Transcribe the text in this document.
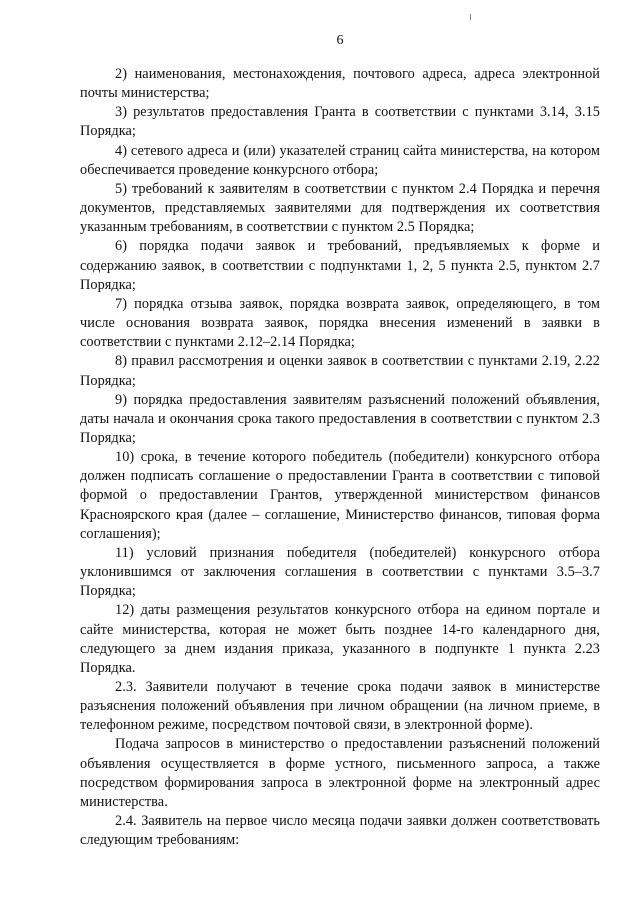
6

2) наименования, местонахождения, почтового адреса, адреса электронной почты министерства;

3) результатов предоставления Гранта в соответствии с пунктами 3.14, 3.15 Порядка;

4) сетевого адреса и (или) указателей страниц сайта министерства, на котором обеспечивается проведение конкурсного отбора;

5) требований к заявителям в соответствии с пунктом 2.4 Порядка и перечня документов, представляемых заявителями для подтверждения их соответствия указанным требованиям, в соответствии с пунктом 2.5 Порядка;

6) порядка подачи заявок и требований, предъявляемых к форме и содержанию заявок, в соответствии с подпунктами 1, 2, 5 пункта 2.5, пунктом 2.7 Порядка;

7) порядка отзыва заявок, порядка возврата заявок, определяющего, в том числе основания возврата заявок, порядка внесения изменений в заявки в соответствии с пунктами 2.12–2.14 Порядка;

8) правил рассмотрения и оценки заявок в соответствии с пунктами 2.19, 2.22 Порядка;

9) порядка предоставления заявителям разъяснений положений объявления, даты начала и окончания срока такого предоставления в соответствии с пунктом 2.3 Порядка;

10) срока, в течение которого победитель (победители) конкурсного отбора должен подписать соглашение о предоставлении Гранта в соответствии с типовой формой о предоставлении Грантов, утвержденной министерством финансов Красноярского края (далее – соглашение, Министерство финансов, типовая форма соглашения);

11) условий признания победителя (победителей) конкурсного отбора уклонившимся от заключения соглашения в соответствии с пунктами 3.5–3.7 Порядка;

12) даты размещения результатов конкурсного отбора на едином портале и сайте министерства, которая не может быть позднее 14-го календарного дня, следующего за днем издания приказа, указанного в подпункте 1 пункта 2.23 Порядка.

2.3. Заявители получают в течение срока подачи заявок в министерстве разъяснения положений объявления при личном обращении (на личном приеме, в телефонном режиме, посредством почтовой связи, в электронной форме).

Подача запросов в министерство о предоставлении разъяснений положений объявления осуществляется в форме устного, письменного запроса, а также посредством формирования запроса в электронной форме на электронный адрес министерства.

2.4. Заявитель на первое число месяца подачи заявки должен соответствовать следующим требованиям:
